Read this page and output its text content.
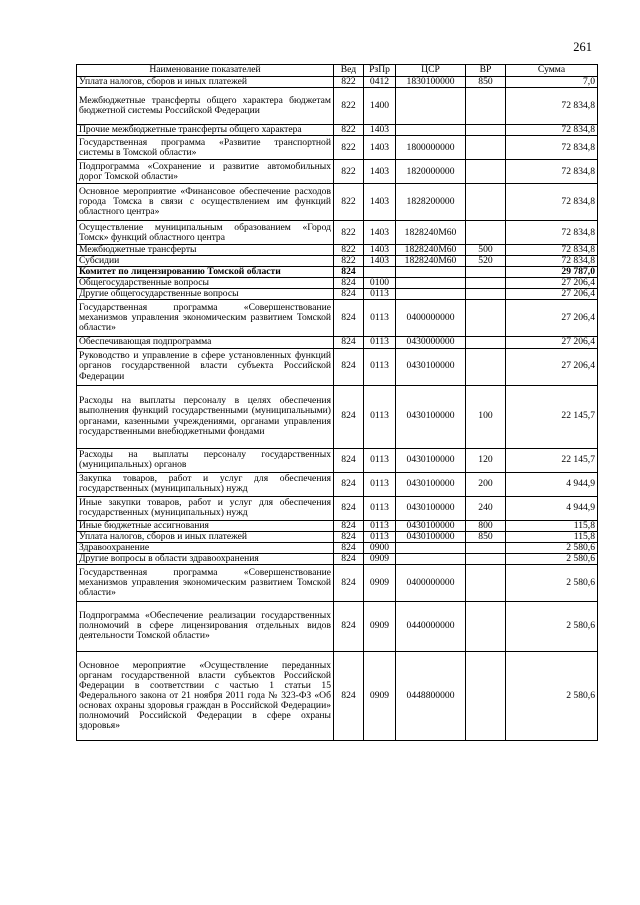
261
Наименование показателей	Вед	РзПр	ЦСР	ВР	Сумма
Уплата налогов, сборов и иных платежей	822	0412	1830100000	850	7,0
Межбюджетные трансферты общего характера бюджетам бюджетной системы Российской Федерации	822	1400			72 834,8
Прочие межбюджетные трансферты общего характера	822	1403			72 834,8
Государственная программа «Развитие транспортной системы в Томской области»	822	1403	1800000000		72 834,8
Подпрограмма «Сохранение и развитие автомобильных дорог Томской области»	822	1403	1820000000		72 834,8
Основное мероприятие «Финансовое обеспечение расходов города Томска в связи с осуществлением им функций областного центра»	822	1403	1828200000		72 834,8
Осуществление муниципальным образованием «Город Томск» функций областного центра	822	1403	1828240М60		72 834,8
Межбюджетные трансферты	822	1403	1828240М60	500	72 834,8
Субсидии	822	1403	1828240М60	520	72 834,8
Комитет по лицензированию Томской области	824				29 787,0
Общегосударственные вопросы	824	0100			27 206,4
Другие общегосударственные вопросы	824	0113			27 206,4
Государственная программа «Совершенствование механизмов управления экономическим развитием Томской области»	824	0113	0400000000		27 206,4
Обеспечивающая подпрограмма	824	0113	0430000000		27 206,4
Руководство и управление в сфере установленных функций органов государственной власти субъекта Российской Федерации	824	0113	0430100000		27 206,4
Расходы на выплаты персоналу в целях обеспечения выполнения функций государственными (муниципальными) органами, казенными учреждениями, органами управления государственными внебюджетными фондами	824	0113	0430100000	100	22 145,7
Расходы на выплаты персоналу государственных (муниципальных) органов	824	0113	0430100000	120	22 145,7
Закупка товаров, работ и услуг для обеспечения государственных (муниципальных) нужд	824	0113	0430100000	200	4 944,9
Иные закупки товаров, работ и услуг для обеспечения государственных (муниципальных) нужд	824	0113	0430100000	240	4 944,9
Иные бюджетные ассигнования	824	0113	0430100000	800	115,8
Уплата налогов, сборов и иных платежей	824	0113	0430100000	850	115,8
Здравоохранение	824	0900			2 580,6
Другие вопросы в области здравоохранения	824	0909			2 580,6
Государственная программа «Совершенствование механизмов управления экономическим развитием Томской области»	824	0909	0400000000		2 580,6
Подпрограмма «Обеспечение реализации государственных полномочий в сфере лицензирования отдельных видов деятельности Томской области»	824	0909	0440000000		2 580,6
Основное мероприятие «Осуществление переданных органам государственной власти субъектов Российской Федерации в соответствии с частью 1 статьи 15 Федерального закона от 21 ноября 2011 года № 323-ФЗ «Об основах охраны здоровья граждан в Российской Федерации» полномочий Российской Федерации в сфере охраны здоровья»	824	0909	0448800000		2 580,6
